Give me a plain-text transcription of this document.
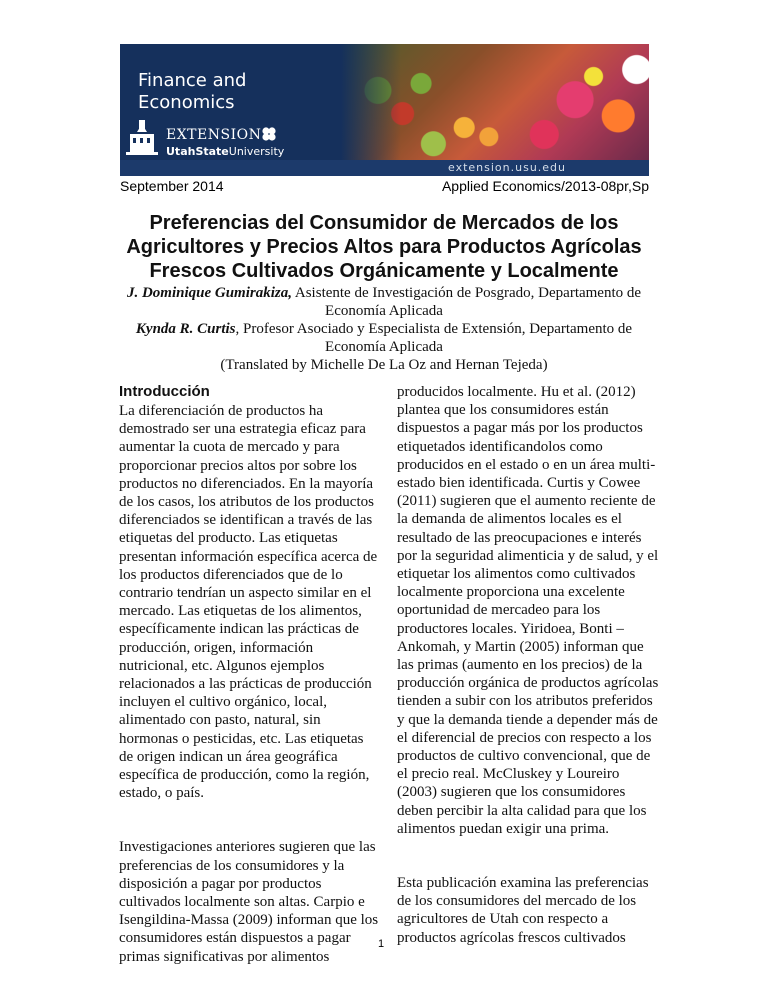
Finance and
Economics
EXTENSION
UtahStateUniversity
extension.usu.edu
September 2014	Applied Economics/2013-08pr,Sp
Preferencias del Consumidor de Mercados de los
Agricultores y Precios Altos para Productos Agrícolas
Frescos Cultivados Orgánicamente y Localmente
J. Dominique Gumirakiza, Asistente de Investigación de Posgrado, Departamento de Economía Aplicada
Kynda R. Curtis, Profesor Asociado y Especialista de Extensión, Departamento de Economía Aplicada
(Translated by Michelle De La Oz and Hernan Tejeda)
Introducción

La diferenciación de productos ha demostrado ser una estrategia eficaz para aumentar la cuota de mercado y para proporcionar precios altos por sobre los productos no diferenciados. En la mayoría de los casos, los atributos de los productos diferenciados se identifican a través de las etiquetas del producto. Las etiquetas presentan información específica acerca de los productos diferenciados que de lo contrario tendrían un aspecto similar en el mercado. Las etiquetas de los alimentos, específicamente indican las prácticas de producción, origen, información nutricional, etc. Algunos ejemplos relacionados a las prácticas de producción incluyen el cultivo orgánico, local, alimentado con pasto, natural, sin hormonas o pesticidas, etc. Las etiquetas de origen indican un área geográfica específica de producción, como la región, estado, o país.

Investigaciones anteriores sugieren que las preferencias de los consumidores y la disposición a pagar por productos cultivados localmente son altas. Carpio e Isengildina-Massa (2009) informan que los consumidores están dispuestos a pagar primas significativas por alimentos

producidos localmente. Hu et al. (2012) plantea que los consumidores están dispuestos a pagar más por los productos etiquetados identificandolos como producidos en el estado o en un área multi-estado bien identificada. Curtis y Cowee (2011) sugieren que el aumento reciente de la demanda de alimentos locales es el resultado de las preocupaciones e interés por la seguridad alimenticia y de salud, y el etiquetar los alimentos como cultivados localmente proporciona una excelente oportunidad de mercadeo para los productores locales. Yiridoea, Bonti – Ankomah, y Martin (2005) informan que las primas (aumento en los precios) de la producción orgánica de productos agrícolas tienden a subir con los atributos preferidos y que la demanda tiende a depender más de el diferencial de precios con respecto a los productos de cultivo convencional, que de el precio real. McCluskey y Loureiro (2003) sugieren que los consumidores deben percibir la alta calidad para que los alimentos puedan exigir una prima.

Esta publicación examina las preferencias de los consumidores del mercado de los agricultores de Utah con respecto a productos agrícolas frescos cultivados

1
